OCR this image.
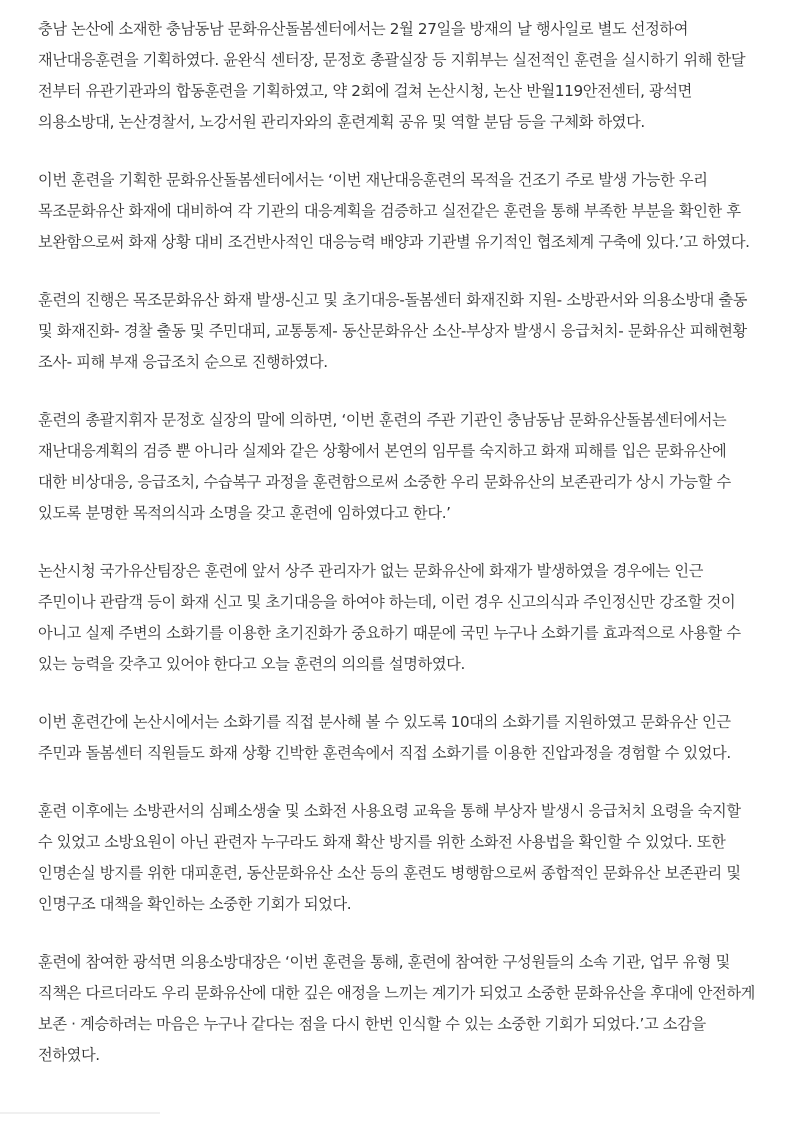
충남 논산에 소재한 충남동남 문화유산돌봄센터에서는 2월 27일을 방재의 날 행사일로 별도 선정하여 재난대응훈련을 기획하였다. 윤완식 센터장, 문정호 총괄실장 등 지휘부는 실전적인 훈련을 실시하기 위해 한달 전부터 유관기관과의 합동훈련을 기획하였고, 약 2회에 걸쳐 논산시청, 논산 반월119안전센터, 광석면 의용소방대, 논산경찰서, 노강서원 관리자와의 훈련계획 공유 및 역할 분담 등을 구체화 하였다.

이번 훈련을 기획한 문화유산돌봄센터에서는 ‘이번 재난대응훈련의 목적을 건조기 주로 발생 가능한 우리 목조문화유산 화재에 대비하여 각 기관의 대응계획을 검증하고 실전같은 훈련을 통해 부족한 부분을 확인한 후 보완함으로써 화재 상황 대비 조건반사적인 대응능력 배양과 기관별 유기적인 협조체계 구축에 있다.’고 하였다.

훈련의 진행은 목조문화유산 화재 발생-신고 및 초기대응-돌봄센터 화재진화 지원- 소방관서와 의용소방대 출동 및 화재진화- 경찰 출동 및 주민대피, 교통통제- 동산문화유산 소산-부상자 발생시 응급처치- 문화유산 피해현황 조사- 피해 부재 응급조치 순으로 진행하였다.

훈련의 총괄지휘자 문정호 실장의 말에 의하면, ‘이번 훈련의 주관 기관인 충남동남 문화유산돌봄센터에서는 재난대응계획의 검증 뿐 아니라 실제와 같은 상황에서 본연의 임무를 숙지하고 화재 피해를 입은 문화유산에 대한 비상대응, 응급조치, 수습복구 과정을 훈련함으로써 소중한 우리 문화유산의 보존관리가 상시 가능할 수 있도록 분명한 목적의식과 소명을 갖고 훈련에 임하였다고 한다.’

논산시청 국가유산팀장은 훈련에 앞서 상주 관리자가 없는 문화유산에 화재가 발생하였을 경우에는 인근 주민이나 관람객 등이 화재 신고 및 초기대응을 하여야 하는데, 이런 경우 신고의식과 주인정신만 강조할 것이 아니고 실제 주변의 소화기를 이용한 초기진화가 중요하기 때문에 국민 누구나 소화기를 효과적으로 사용할 수 있는 능력을 갖추고 있어야 한다고 오늘 훈련의 의의를 설명하였다.

이번 훈련간에 논산시에서는 소화기를 직접 분사해 볼 수 있도록 10대의 소화기를 지원하였고 문화유산 인근 주민과 돌봄센터 직원들도 화재 상황 긴박한 훈련속에서 직접 소화기를 이용한 진압과정을 경험할 수 있었다.

훈련 이후에는 소방관서의 심폐소생술 및 소화전 사용요령 교육을 통해 부상자 발생시 응급처치 요령을 숙지할 수 있었고 소방요원이 아닌 관련자 누구라도 화재 확산 방지를 위한 소화전 사용법을 확인할 수 있었다. 또한 인명손실 방지를 위한 대피훈련, 동산문화유산 소산 등의 훈련도 병행함으로써 종합적인 문화유산 보존관리 및 인명구조 대책을 확인하는 소중한 기회가 되었다.

훈련에 참여한 광석면 의용소방대장은 ‘이번 훈련을 통해, 훈련에 참여한 구성원들의 소속 기관, 업무 유형 및 직책은 다르더라도 우리 문화유산에 대한 깊은 애정을 느끼는 계기가 되었고 소중한 문화유산을 후대에 안전하게 보존 · 계승하려는 마음은 누구나 같다는 점을 다시 한번 인식할 수 있는 소중한 기회가 되었다.’고 소감을 전하였다.
